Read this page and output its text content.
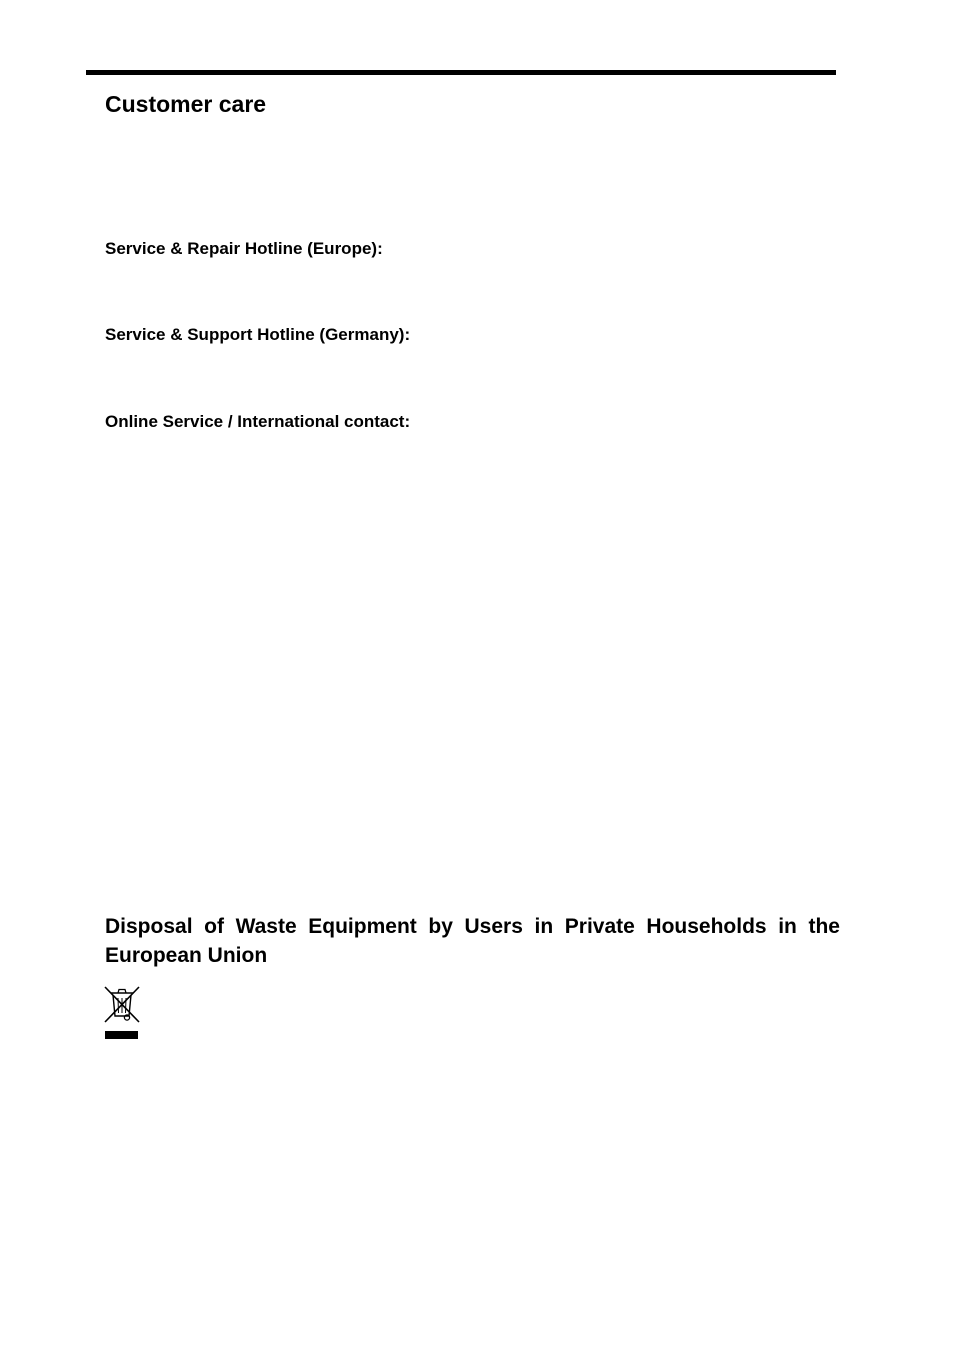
Customer care

Service & Repair Hotline (Europe):

Service & Support Hotline (Germany):

Online Service / International contact:

Disposal of Waste Equipment by Users in Private Households in the European Union
